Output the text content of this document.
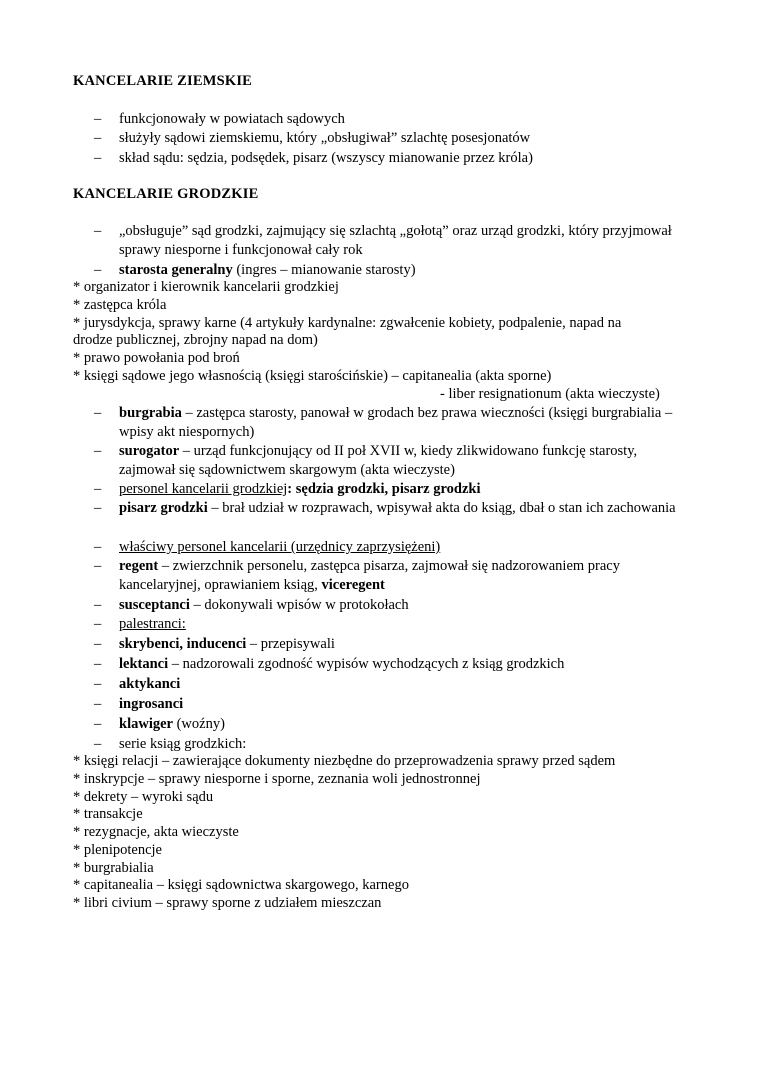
KANCELARIE ZIEMSKIE
– funkcjonowały w powiatach sądowych
– służyły sądowi ziemskiemu, który „obsługiwał” szlachtę posesjonatów
– skład sądu: sędzia, podsędek, pisarz (wszyscy mianowanie przez króla)
KANCELARIE GRODZKIE
– „obsługuje” sąd grodzki, zajmujący się szlachtą „gołotą” oraz urząd grodzki, który przyjmował sprawy niesporne i funkcjonował cały rok
– starosta generalny (ingres – mianowanie starosty)
* organizator i kierownik kancelarii grodzkiej
* zastępca króla
* jurysdykcja, sprawy karne (4 artykuły kardynalne: zgwałcenie kobiety, podpalenie, napad na
drodze publicznej, zbrojny napad na dom)
* prawo powołania pod broń
* księgi sądowe jego własnością (księgi starościńskie) – capitanealia (akta sporne)
- liber resignationum (akta wieczyste)
– burgrabia – zastępca starosty, panował w grodach bez prawa wieczności (księgi burgrabialia – wpisy akt niespornych)
– surogator – urząd funkcjonujący od II poł XVII w, kiedy zlikwidowano funkcję starosty, zajmował się sądownictwem skargowym (akta wieczyste)
– personel kancelarii grodzkiej: sędzia grodzki, pisarz grodzki
– pisarz grodzki – brał udział w rozprawach, wpisywał akta do ksiąg, dbał o stan ich zachowania
– właściwy personel kancelarii (urzędnicy zaprzysiężeni)
– regent – zwierzchnik personelu, zastępca pisarza, zajmował się nadzorowaniem pracy kancelaryjnej, oprawianiem ksiąg, viceregent
– susceptanci – dokonywali wpisów w protokołach
– palestranci:
– skrybenci, inducenci – przepisywali
– lektanci – nadzorowali zgodność wypisów wychodzących z ksiąg grodzkich
– aktykanci
– ingrosanci
– klawiger (woźny)
– serie ksiąg grodzkich:
* księgi relacji – zawierające dokumenty niezbędne do przeprowadzenia sprawy przed sądem
* inskrypcje – sprawy niesporne i sporne, zeznania woli jednostronnej
* dekrety – wyroki sądu
* transakcje
* rezygnacje, akta wieczyste
* plenipotencje
* burgrabialia
* capitanealia – księgi sądownictwa skargowego, karnego
* libri civium – sprawy sporne z udziałem mieszczan
